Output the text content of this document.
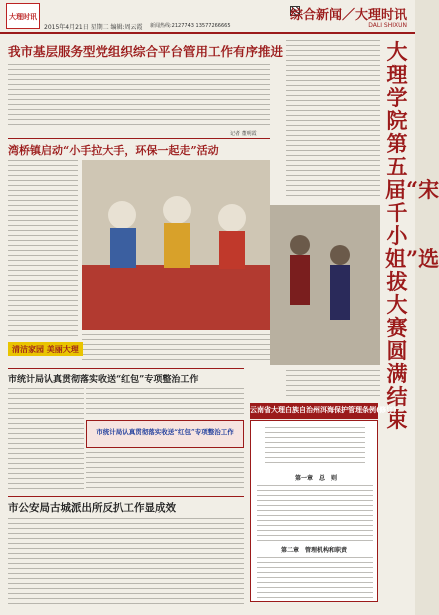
大理时讯
2015年4月21日 星期二 编辑:周云霞 新闻热线:2127743 13577266665
综合新闻／大理时讯
DALI SHIXUN
大理学院第五届“宋千小姐”选拔大赛圆满结束
我市基层服务型党组织综合平台管用工作有序推进
记者 董明霞
湾桥镇启动“小手拉大手，环保一起走”活动
清洁家园 美丽大理
市统计局认真贯彻落实收送“红包”专项整治工作
市统计局认真贯彻落实收送“红包”专项整治工作
市公安局古城派出所反扒工作显成效
云南省大理白族自治州洱海保护管理条例(修订)
第一章　总　则
第二章　管理机构和职责
